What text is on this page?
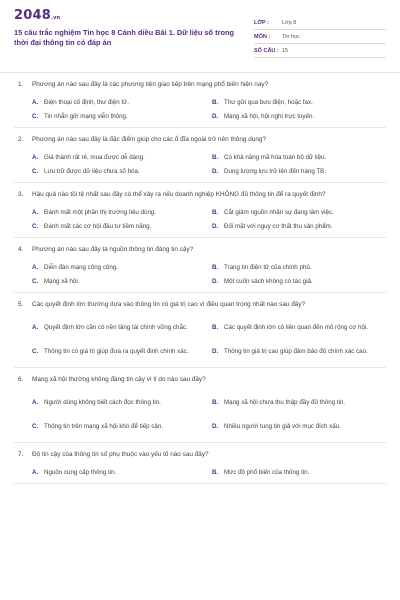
2048.vn
15 câu trắc nghiệm Tin học 8 Cánh diều Bài 1. Dữ liệu số trong thời đại thông tin có đáp án
LỚP :	Lớp 8
MÔN :	Tin học
SỐ CÂU : 15
1.	Phương án nào sau đây là các phương tiện giao tiếp trên mạng phổ biến hiện nay?
A. Điện thoại cố định, thư điện tử.	B. Thư gửi qua bưu điện, hoặc fax.
C. Tin nhắn gửi mạng viễn thông.	D. Mạng xã hội, hội nghị trực tuyến.
2.	Phương án nào sau đây là đặc điểm giúp cho các ổ đĩa ngoài trở nên thông dụng?
A. Giá thành rất rẻ, mua được dễ dàng.	B. Có khả năng mã hóa toàn bộ dữ liệu.
C. Lưu trữ được dữ liệu chưa số hóa.	D. Dung lượng lưu trữ lên đến hàng TB.
3.	Hậu quả nào tồi tệ nhất sau đây có thể xảy ra nếu doanh nghiệp KHÔNG đủ thông tin để ra quyết định?
A. Đánh mất một phần thị trường tiêu dùng.	B. Cắt giảm nguồn nhân sự đang làm việc.
C. Đánh mất các cơ hội đầu tư tiềm năng.	D. Đối mặt với nguy cơ thất thu sản phẩm.
4.	Phương án nào sau đây là nguồn thông tin đáng tin cậy?
A. Diễn đàn mạng công cộng.	B. Trang tin điện tử của chính phủ.
C. Mạng xã hội.	D. Một cuốn sách không có tác giả.
5.	Các quyết định lớn thường dựa vào thông tin có giá trị cao vì điều quan trọng nhất nào sau đây?
A. Quyết định lớn cần có nền tảng tài chính vững chắc.	B. Các quyết định lớn có liên quan đến mô rộng cơ hội.
C. Thông tin có giá trị giúp đưa ra quyết định chính xác.	D. Thông tin giá trị cao giúp đảm bảo độ chính xác cao.
6.	Mạng xã hội thường không đáng tin cậy vì lí do nào sau đây?
A. Người dùng không biết cách đọc thông tin.	B. Mạng xã hội chưa thu thập đầy đủ thông tin.
C. Thông tin trên mạng xã hội khó để tiếp cận.	D. Nhiều người tung tin giả với mục đích xấu.
7.	Độ tin cậy của thông tin số phụ thuộc vào yếu tố nào sau đây?
A. Nguồn cung cấp thông tin.	B. Mức độ phổ biến của thông tin.
